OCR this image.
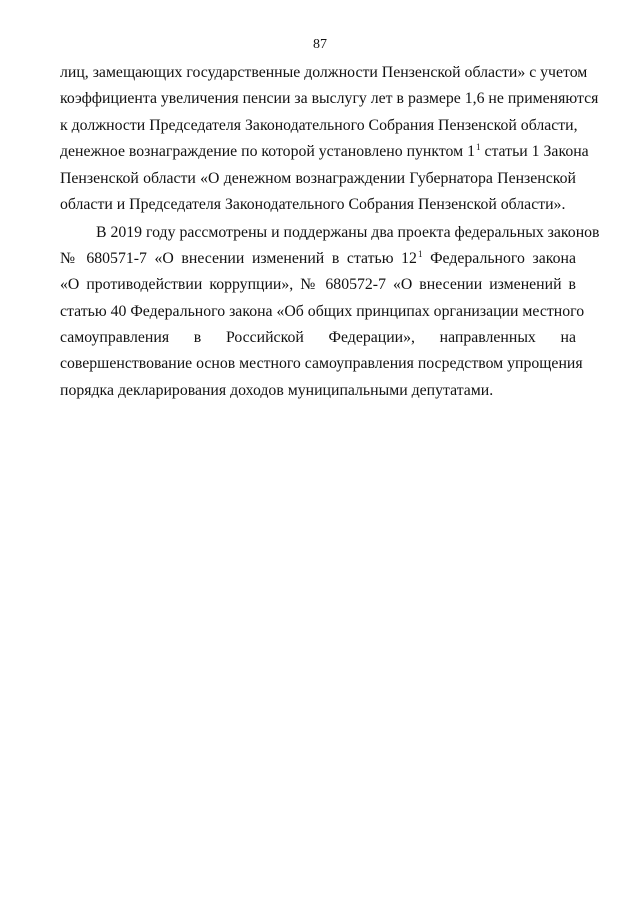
87
лиц, замещающих государственные должности Пензенской области» с учетом
коэффициента увеличения пенсии за выслугу лет в размере 1,6 не применяются
к должности Председателя Законодательного Собрания Пензенской области,
денежное вознаграждение по которой установлено пунктом $1^1$ статьи 1 Закона
Пензенской области «О денежном вознаграждении Губернатора Пензенской
области и Председателя Законодательного Собрания Пензенской области».
В 2019 году рассмотрены и поддержаны два проекта федеральных законов
№ 680571-7 «О внесении изменений в статью $12^1$ Федерального закона
«О противодействии коррупции», № 680572-7 «О внесении изменений в
статью 40 Федерального закона «Об общих принципах организации местного
самоуправления в Российской Федерации», направленных на
совершенствование основ местного самоуправления посредством упрощения
порядка декларирования доходов муниципальными депутатами.
